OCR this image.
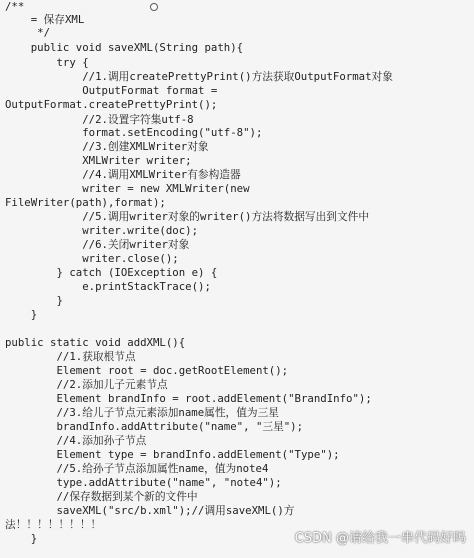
/**
= 保存XML
*/
public void saveXML(String path){
try {
//1.调用createPrettyPrint()方法获取OutputFormat对象
OutputFormat format =
OutputFormat.createPrettyPrint();
//2.设置字符集utf-8
format.setEncoding("utf-8");
//3.创建XMLWriter对象
XMLWriter writer;
//4.调用XMLWriter有参构造器
writer = new XMLWriter(new
FileWriter(path),format);
//5.调用writer对象的writer()方法将数据写出到文件中
writer.write(doc);
//6.关闭writer对象
writer.close();
} catch (IOException e) {
e.printStackTrace();
}
}
public static void addXML(){
//1.获取根节点
Element root = doc.getRootElement();
//2.添加儿子元素节点
Element brandInfo = root.addElement("BrandInfo");
//3.给儿子节点元素添加name属性，值为三星
brandInfo.addAttribute("name", "三星");
//4.添加孙子节点
Element type = brandInfo.addElement("Type");
//5.给孙子节点添加属性name，值为note4
type.addAttribute("name", "note4");
//保存数据到某个新的文件中
saveXML("src/b.xml");//调用saveXML()方
法！！！！！！！！
}	CSDN @请给我一串代码好吗
